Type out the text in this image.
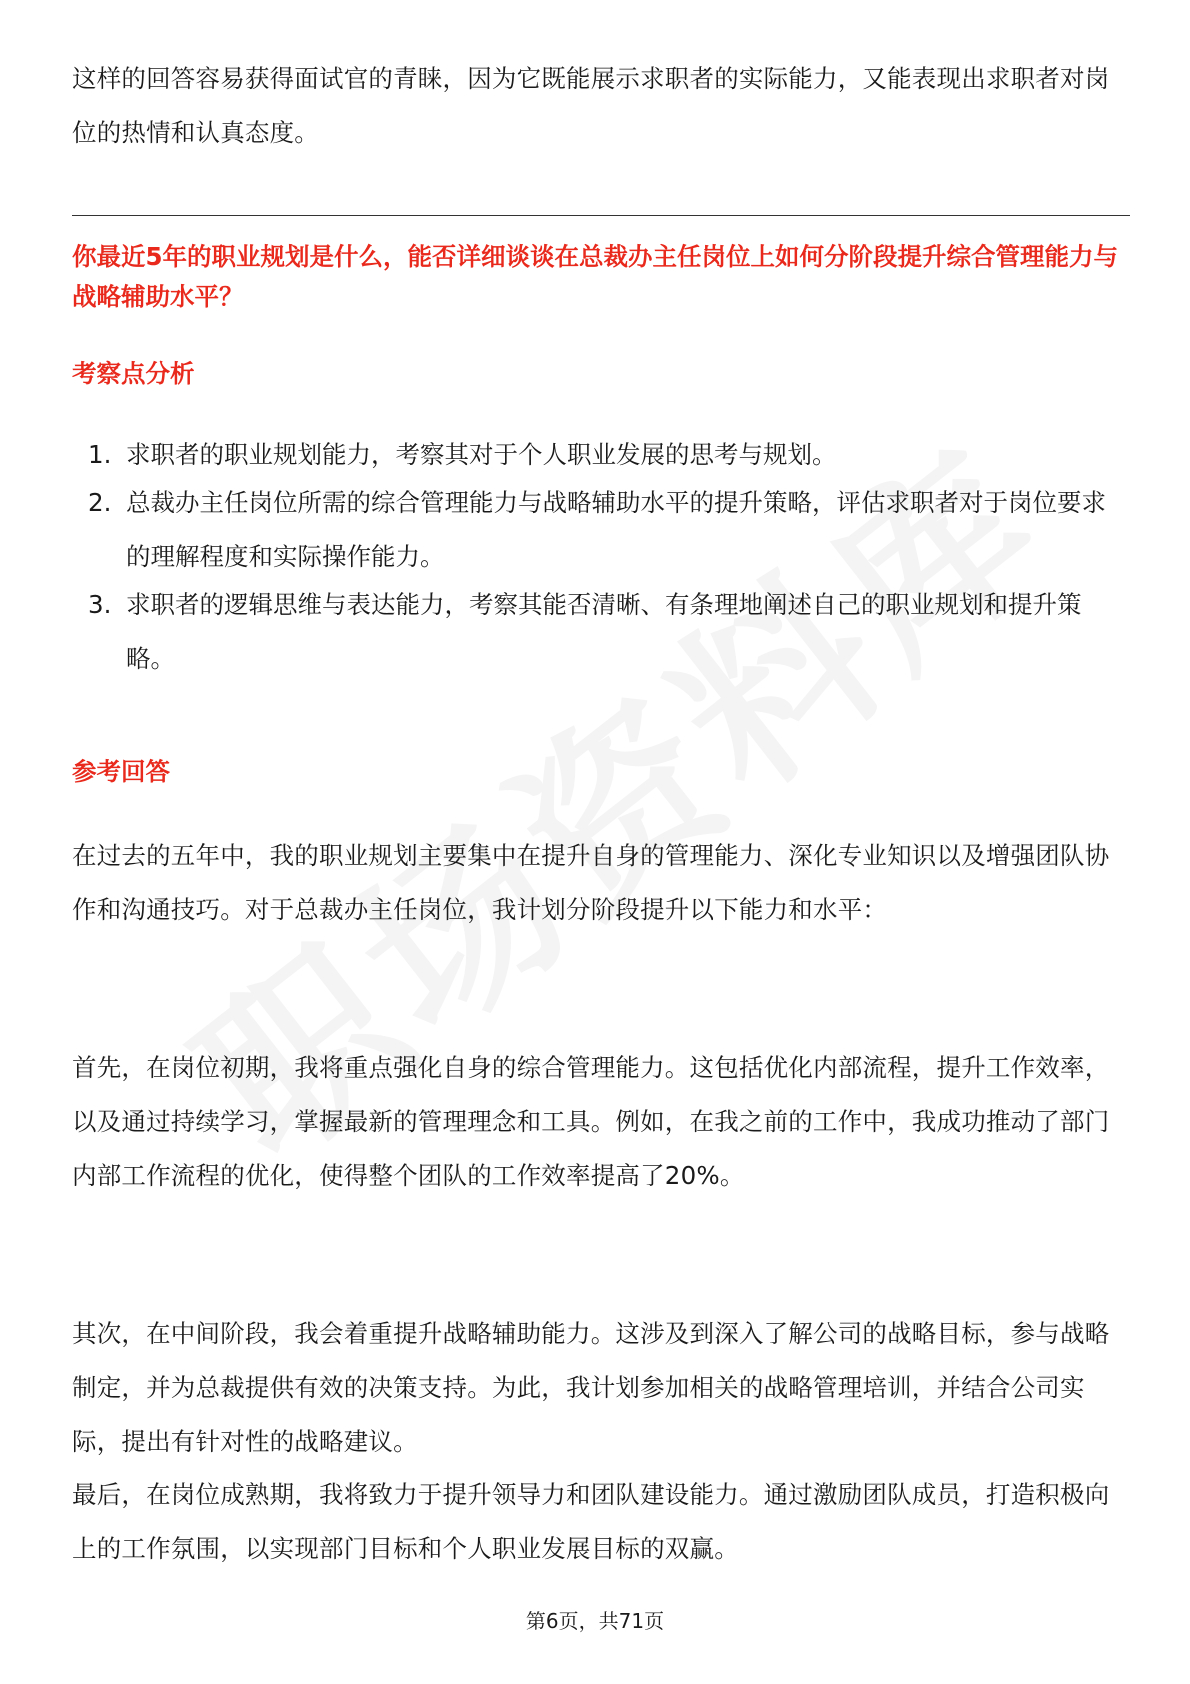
这样的回答容易获得面试官的青睐，因为它既能展示求职者的实际能力，又能表现出求职者对岗位的热情和认真态度。

你最近5年的职业规划是什么，能否详细谈谈在总裁办主任岗位上如何分阶段提升综合管理能力与战略辅助水平？

考察点分析
1. 求职者的职业规划能力，考察其对于个人职业发展的思考与规划。
2. 总裁办主任岗位所需的综合管理能力与战略辅助水平的提升策略，评估求职者对于岗位要求的理解程度和实际操作能力。
3. 求职者的逻辑思维与表达能力，考察其能否清晰、有条理地阐述自己的职业规划和提升策略。
参考回答

在过去的五年中，我的职业规划主要集中在提升自身的管理能力、深化专业知识以及增强团队协作和沟通技巧。对于总裁办主任岗位，我计划分阶段提升以下能力和水平：

首先，在岗位初期，我将重点强化自身的综合管理能力。这包括优化内部流程，提升工作效率，以及通过持续学习，掌握最新的管理理念和工具。例如，在我之前的工作中，我成功推动了部门内部工作流程的优化，使得整个团队的工作效率提高了20%。

其次，在中间阶段，我会着重提升战略辅助能力。这涉及到深入了解公司的战略目标，参与战略制定，并为总裁提供有效的决策支持。为此，我计划参加相关的战略管理培训，并结合公司实际，提出有针对性的战略建议。

最后，在岗位成熟期，我将致力于提升领导力和团队建设能力。通过激励团队成员，打造积极向上的工作氛围，以实现部门目标和个人职业发展目标的双赢。

第6页，共71页
